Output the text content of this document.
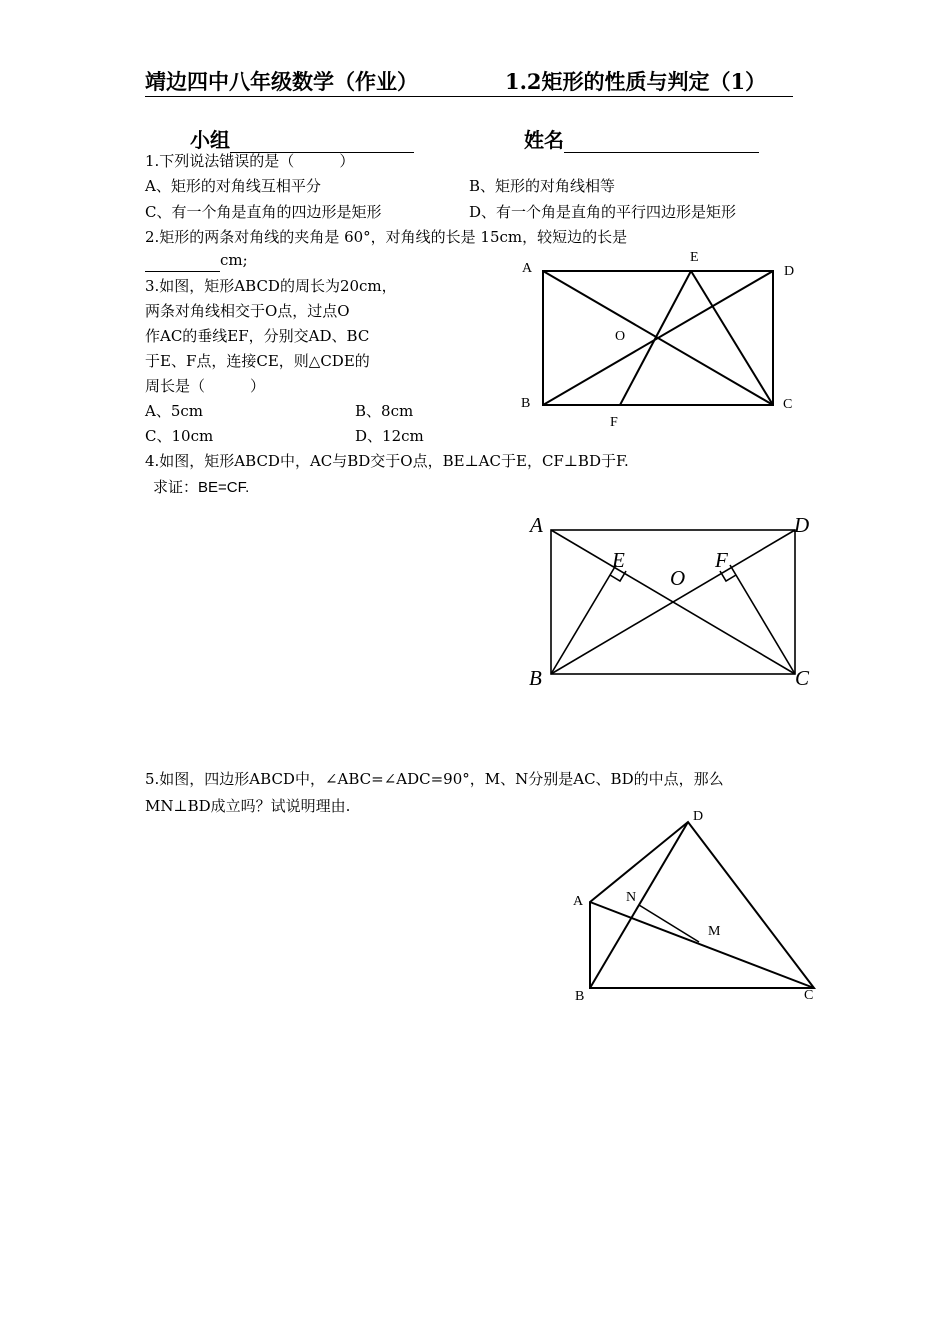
靖边四中八年级数学（作业）	1.2矩形的性质与判定（1）
小组	姓名
1.下列说法错误的是（　　　）
A、矩形的对角线互相平分	B、矩形的对角线相等
C、有一个角是直角的四边形是矩形	D、有一个角是直角的平行四边形是矩形
2.矩形的两条对角线的夹角是 60°，对角线的长是 15cm，较短边的长是
cm;
3.如图，矩形ABCD的周长为20cm，
两条对角线相交于O点，过点O
作AC的垂线EF，分别交AD、BC
于E、F点，连接CE，则△CDE的
周长是（　　　）
A、5cm	B、8cm
C、10cm	D、12cm
A	D
E
O
B	C
F
4.如图，矩形ABCD中，AC与BD交于O点，BE⊥AC于E，CF⊥BD于F.
求证：BE=CF.
A	D
E	F
O
B	C
5.如图，四边形ABCD中，∠ABC=∠ADC=90°，M、N分别是AC、BD的中点，那么
MN⊥BD成立吗？试说明理由.
D
A	N
M
B	C
